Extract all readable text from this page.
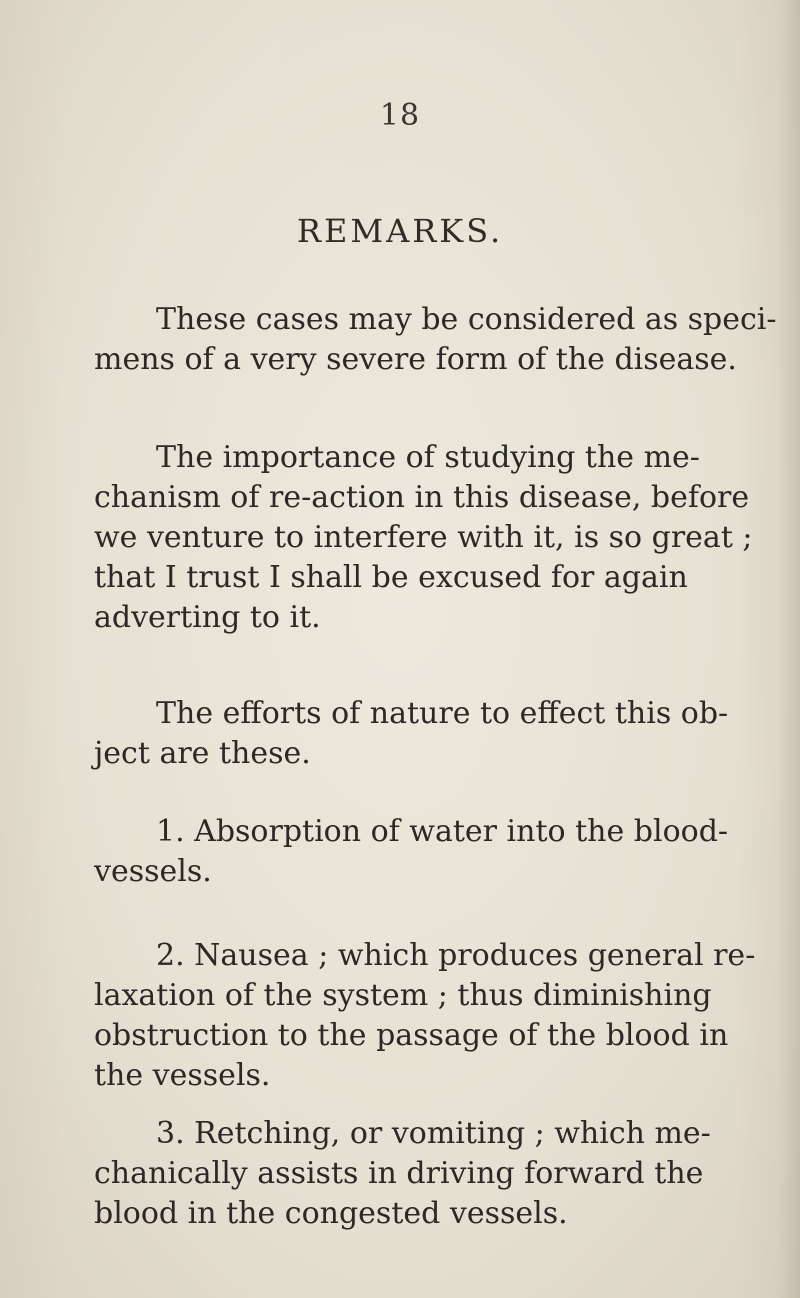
18
REMARKS.

These cases may be considered as speci-
mens of a very severe form of the disease.

The importance of studying the me-
chanism of re-action in this disease, before
we venture to interfere with it, is so great ;
that I trust I shall be excused for again
adverting to it.

The efforts of nature to effect this ob-
ject are these.

1. Absorption of water into the blood-
vessels.

2. Nausea ; which produces general re-
laxation of the system ; thus diminishing
obstruction to the passage of the blood in
the vessels.

3. Retching, or vomiting ; which me-
chanically assists in driving forward the
blood in the congested vessels.
